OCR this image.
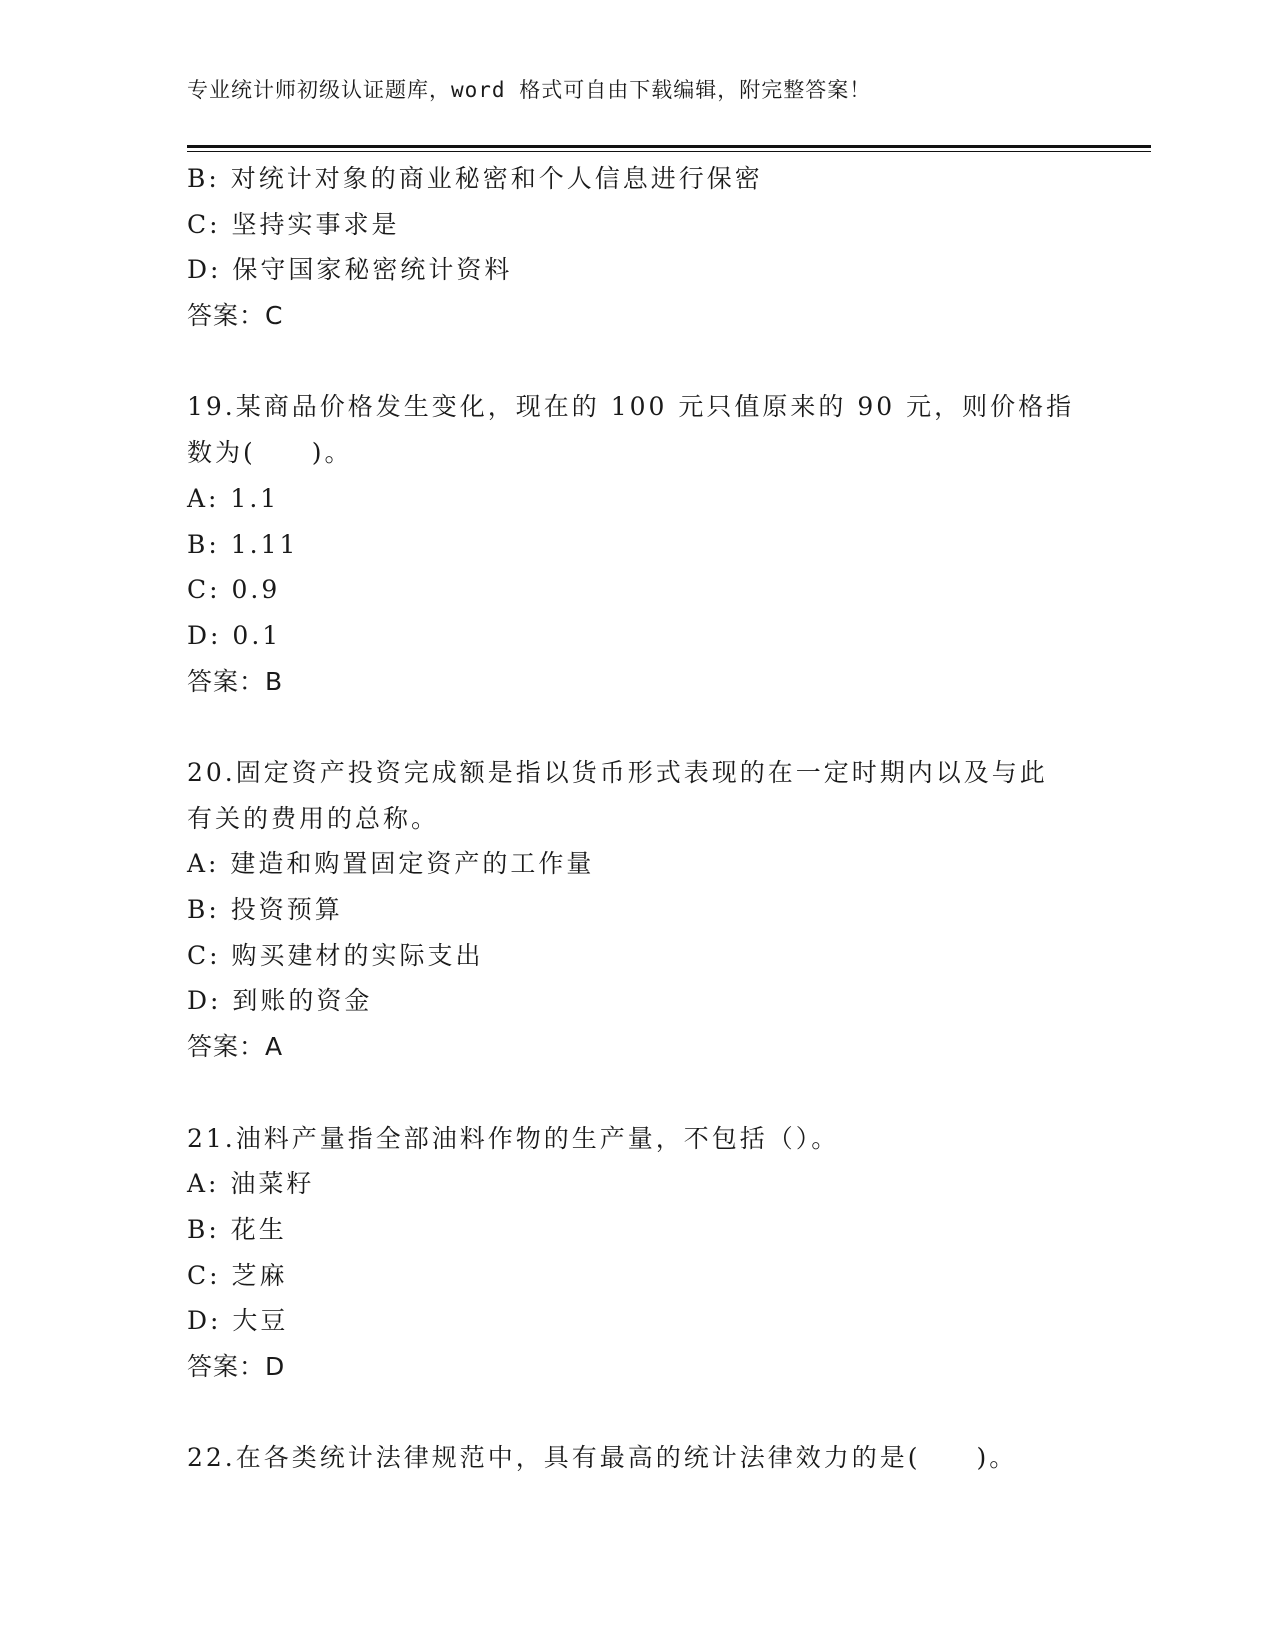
专业统计师初级认证题库，word 格式可自由下载编辑，附完整答案！
B: 对统计对象的商业秘密和个人信息进行保密
C: 坚持实事求是
D: 保守国家秘密统计资料
答案：C
19.某商品价格发生变化，现在的 100 元只值原来的 90 元，则价格指
数为(　　)。
A: 1.1
B: 1.11
C: 0.9
D: 0.1
答案：B
20.固定资产投资完成额是指以货币形式表现的在一定时期内以及与此
有关的费用的总称。
A: 建造和购置固定资产的工作量
B: 投资预算
C: 购买建材的实际支出
D: 到账的资金
答案：A
21.油料产量指全部油料作物的生产量，不包括（）。
A: 油菜籽
B: 花生
C: 芝麻
D: 大豆
答案：D
22.在各类统计法律规范中，具有最高的统计法律效力的是(　　)。
